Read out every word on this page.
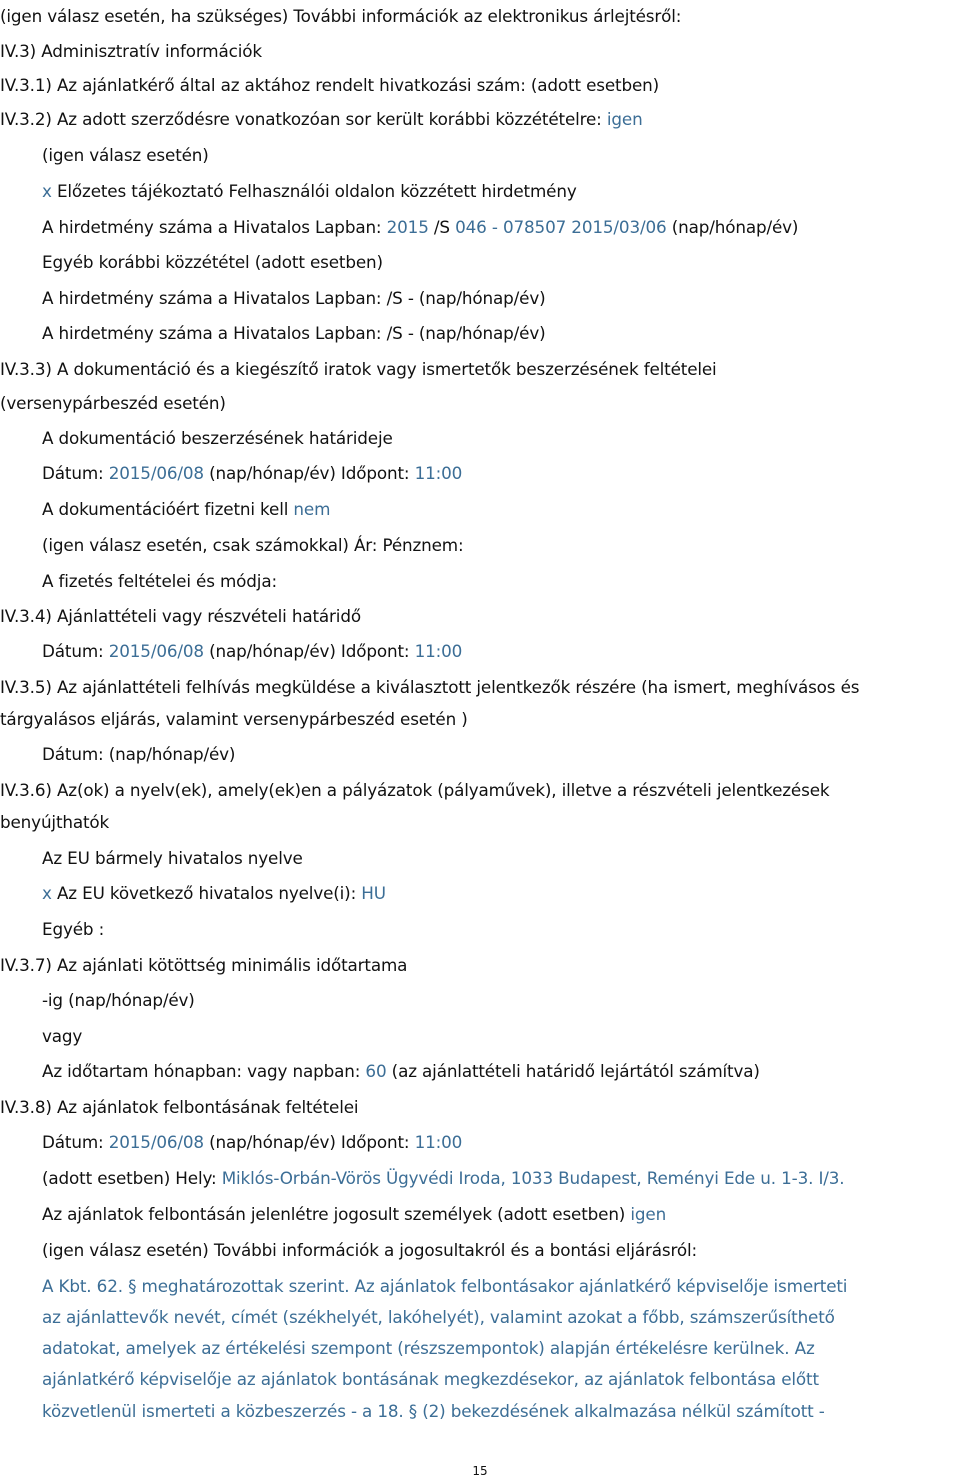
(igen válasz esetén, ha szükséges) További információk az elektronikus árlejtésről:

IV.3) Adminisztratív információk

IV.3.1) Az ajánlatkérő által az aktához rendelt hivatkozási szám: (adott esetben)

IV.3.2) Az adott szerződésre vonatkozóan sor került korábbi közzétételre: igen

(igen válasz esetén)

x Előzetes tájékoztató Felhasználói oldalon közzétett hirdetmény

A hirdetmény száma a Hivatalos Lapban: 2015 /S 046 - 078507 2015/03/06 (nap/hónap/év)

Egyéb korábbi közzététel (adott esetben)

A hirdetmény száma a Hivatalos Lapban: /S - (nap/hónap/év)

A hirdetmény száma a Hivatalos Lapban: /S - (nap/hónap/év)

IV.3.3) A dokumentáció és a kiegészítő iratok vagy ismertetők beszerzésének feltételei

(versenypárbeszéd esetén)

A dokumentáció beszerzésének határideje

Dátum: 2015/06/08 (nap/hónap/év) Időpont: 11:00

A dokumentációért fizetni kell nem

(igen válasz esetén, csak számokkal) Ár: Pénznem:

A fizetés feltételei és módja:

IV.3.4) Ajánlattételi vagy részvételi határidő

Dátum: 2015/06/08 (nap/hónap/év) Időpont: 11:00

IV.3.5) Az ajánlattételi felhívás megküldése a kiválasztott jelentkezők részére (ha ismert, meghívásos és

tárgyalásos eljárás, valamint versenypárbeszéd esetén )

Dátum: (nap/hónap/év)

IV.3.6) Az(ok) a nyelv(ek), amely(ek)en a pályázatok (pályaművek), illetve a részvételi jelentkezések

benyújthatók

Az EU bármely hivatalos nyelve

x Az EU következő hivatalos nyelve(i): HU

Egyéb :

IV.3.7) Az ajánlati kötöttség minimális időtartama

-ig (nap/hónap/év)

vagy

Az időtartam hónapban: vagy napban: 60 (az ajánlattételi határidő lejártától számítva)

IV.3.8) Az ajánlatok felbontásának feltételei

Dátum: 2015/06/08 (nap/hónap/év) Időpont: 11:00

(adott esetben) Hely: Miklós-Orbán-Vörös Ügyvédi Iroda, 1033 Budapest, Reményi Ede u. 1-3. I/3.

Az ajánlatok felbontásán jelenlétre jogosult személyek (adott esetben) igen

(igen válasz esetén) További információk a jogosultakról és a bontási eljárásról:

A Kbt. 62. § meghatározottak szerint. Az ajánlatok felbontásakor ajánlatkérő képviselője ismerteti

az ajánlattevők nevét, címét (székhelyét, lakóhelyét), valamint azokat a főbb, számszerűsíthető

adatokat, amelyek az értékelési szempont (részszempontok) alapján értékelésre kerülnek. Az

ajánlatkérő képviselője az ajánlatok bontásának megkezdésekor, az ajánlatok felbontása előtt

közvetlenül ismerteti a közbeszerzés - a 18. § (2) bekezdésének alkalmazása nélkül számított -

15
